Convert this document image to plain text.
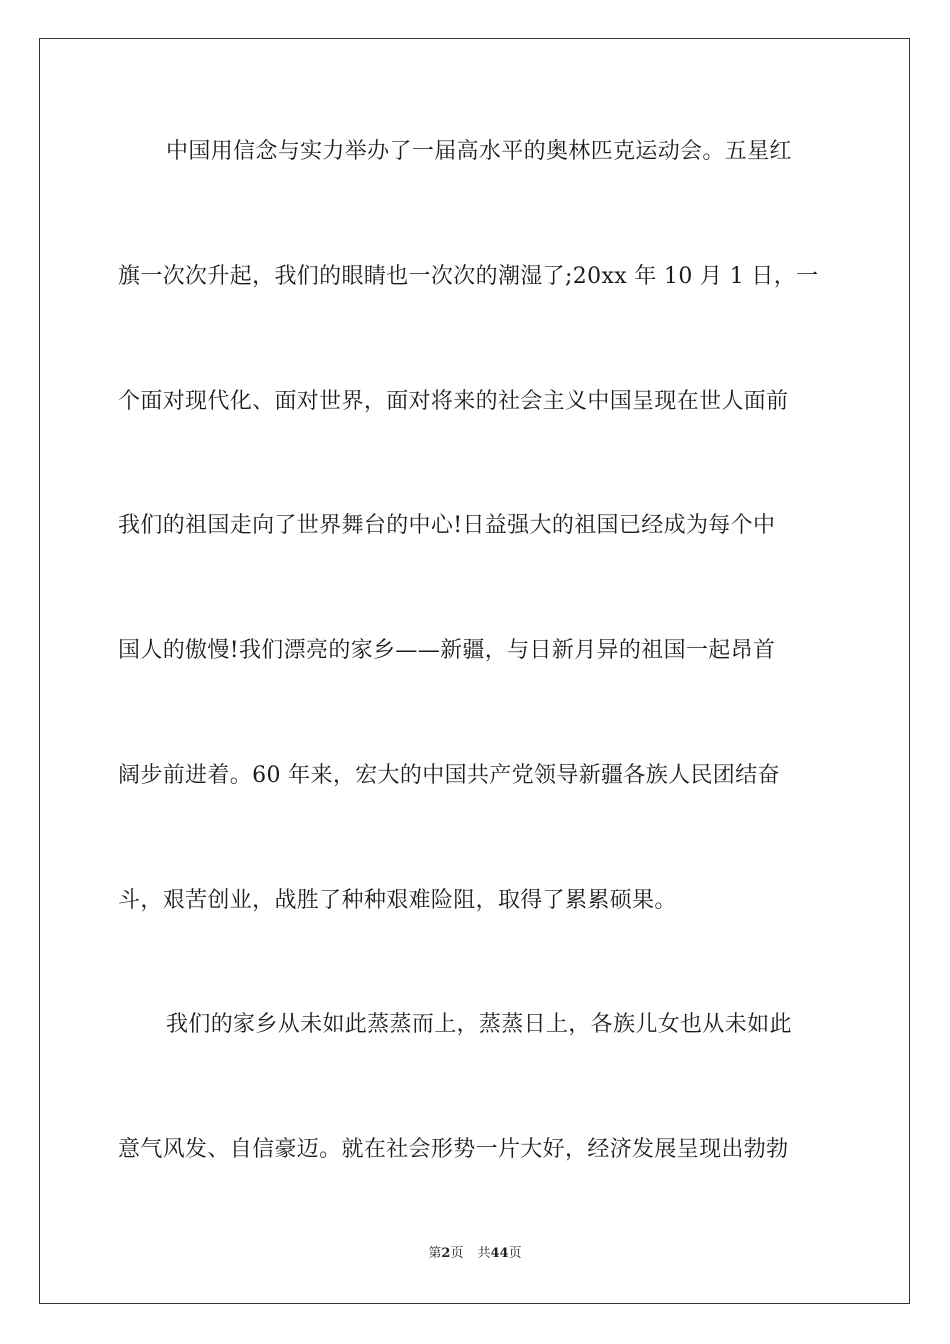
中国用信念与实力举办了一届高水平的奥林匹克运动会。五星红
旗一次次升起，我们的眼睛也一次次的潮湿了;20xx 年 10 月 1 日，一
个面对现代化、面对世界，面对将来的社会主义中国呈现在世人面前
我们的祖国走向了世界舞台的中心!日益强大的祖国已经成为每个中
国人的傲慢!我们漂亮的家乡——新疆，与日新月异的祖国一起昂首
阔步前进着。60 年来，宏大的中国共产党领导新疆各族人民团结奋
斗，艰苦创业，战胜了种种艰难险阻，取得了累累硕果。
我们的家乡从未如此蒸蒸而上，蒸蒸日上，各族儿女也从未如此
意气风发、自信豪迈。就在社会形势一片大好，经济发展呈现出勃勃
第2页 共44页
